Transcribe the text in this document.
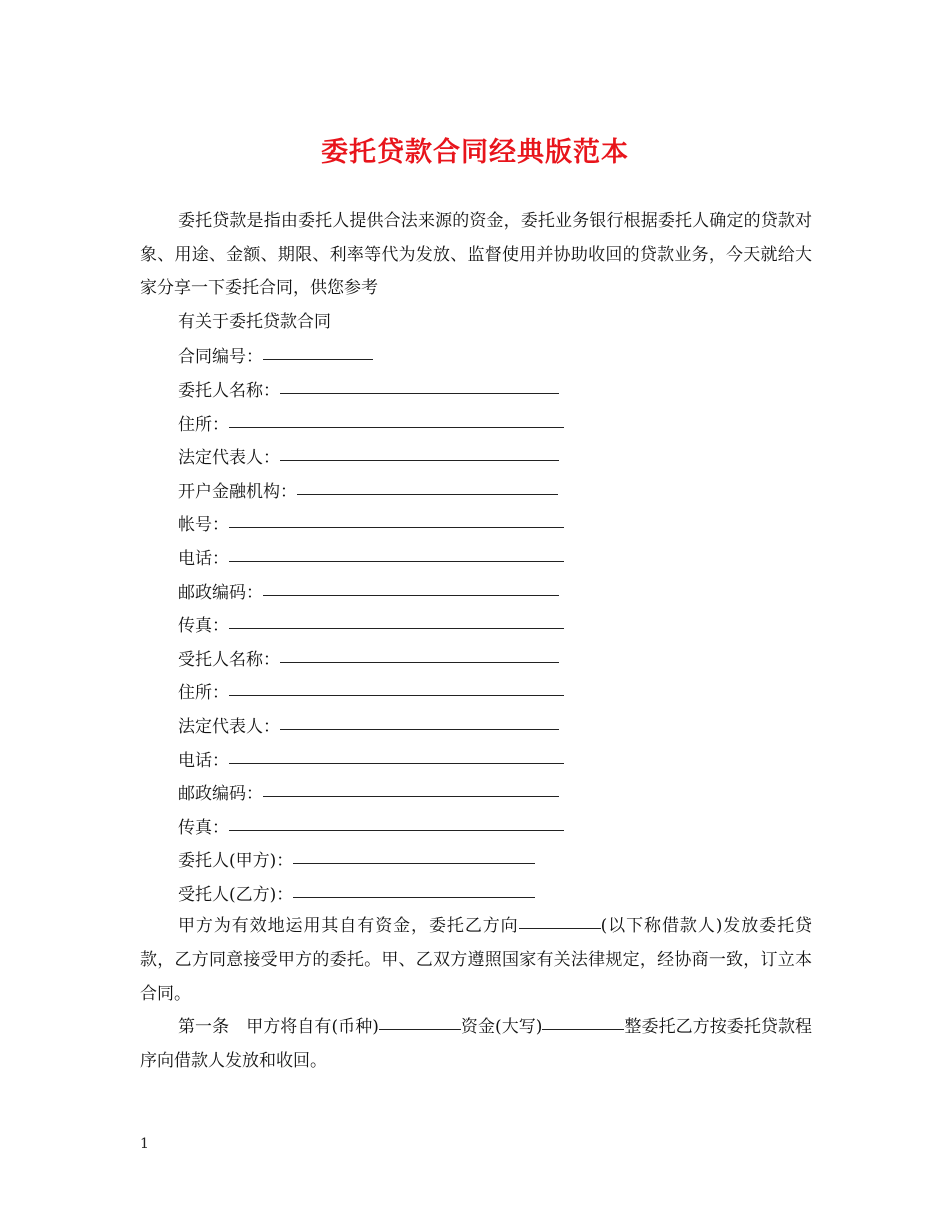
委托贷款合同经典版范本

委托贷款是指由委托人提供合法来源的资金，委托业务银行根据委托人确定的贷款对象、用途、金额、期限、利率等代为发放、监督使用并协助收回的贷款业务，今天就给大家分享一下委托合同，供您参考

有关于委托贷款合同

合同编号：

委托人名称：

住所：

法定代表人：

开户金融机构：

帐号：

电话：

邮政编码：

传真：

受托人名称：

住所：

法定代表人：

电话：

邮政编码：

传真：

委托人(甲方)：

受托人(乙方)：

甲方为有效地运用其自有资金，委托乙方向	(以下称借款人)发放委托贷款，乙方同意接受甲方的委托。甲、乙双方遵照国家有关法律规定，经协商一致，订立本合同。

第一条　甲方将自有(币种)	资金(大写)	整委托乙方按委托贷款程序向借款人发放和收回。

1
